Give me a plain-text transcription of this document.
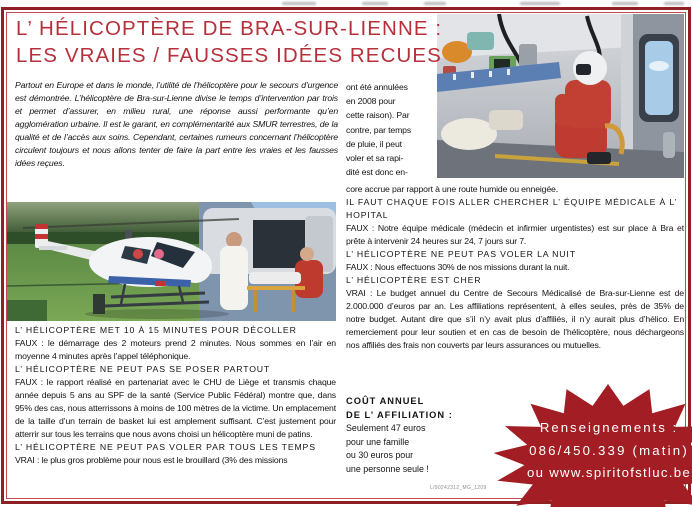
L’ HÉLICOPTÈRE DE BRA-SUR-LIENNE :
LES VRAIES / FAUSSES IDÉES RECUES

Partout en Europe et dans le monde, l’utilité de l’hélicoptère pour le secours d’urgence est démontrée. L’hélicoptère de Bra-sur-Lienne divise le temps d’intervention par trois et permet d’assurer, en milieu rural, une réponse aussi performante qu’en agglomération urbaine. Il est le garant, en complémentarité aux SMUR terrestres, de la qualité et de l’accès aux soins. Cependant, certaines rumeurs concernant l’hélicoptère circulent toujours et nous allons tenter de faire la part entre les vraies et les fausses idées reçues.

L’ HÉLICOPTÈRE MET 10 À 15 MINUTES POUR DÉCOLLER
FAUX : le démarrage des 2 moteurs prend 2 minutes. Nous sommes en l’air en moyenne 4 minutes après l’appel téléphonique.
L’ HÉLICOPTÈRE NE PEUT PAS SE POSER PARTOUT
FAUX : le rapport réalisé en partenariat avec le CHU de Liège et transmis chaque année depuis 5 ans au SPF de la santé (Service Public Fédéral) montre que, dans 95% des cas, nous atterrissons à moins de 100 mètres de la victime. Un emplacement de la taille d’un terrain de basket lui est amplement suffisant. C’est justement pour atterrir sur tous les terrains que nous avons choisi un hélicoptère muni de patins.
L’ HÉLICOPTÈRE NE PEUT PAS VOLER PAR TOUS LES TEMPS
VRAI : le plus gros problème pour nous est le brouillard (3% des missions
ont été annulées
en 2008 pour
cette raison). Par
contre, par temps
de pluie, il peut
voler et sa rapi-
dité est donc en-
core accrue par rapport à une route humide ou enneigée.
IL FAUT CHAQUE FOIS ALLER CHERCHER L’ ÉQUIPE MÉDICALE À L’ HOPITAL
FAUX : Notre équipe médicale (médecin et infirmier urgentistes) est sur place à Bra et prête à intervenir 24 heures sur 24, 7 jours sur 7.
L’ HÉLICOPTÈRE NE PEUT PAS VOLER LA NUIT
FAUX : Nous effectuons 30% de nos missions durant la nuit.
L’ HÉLICOPTÈRE EST CHER
VRAI : Le budget annuel du Centre de Secours Médicalisé de Bra-sur-Lienne est de 2.000.000 d’euros par an. Les affiliations représentent, à elles seules, près de 35% de notre budget. Autant dire que s’il n’y avait plus d’affiliés, il n’y aurait plus d’hélico. En remerciement pour leur soutien et en cas de besoin de l’hélicoptère, nous déchargeons nos affiliés des frais non couverts par leurs assurances ou mutuelles.
COÛT ANNUEL
DE L’ AFFILIATION :
Seulement 47 euros
pour une famille
ou 30 euros pour
une personne seule !
L/90242312_MG_1209
Renseignements :
086/450.339 (matin)
ou www.spiritofstluc.be
